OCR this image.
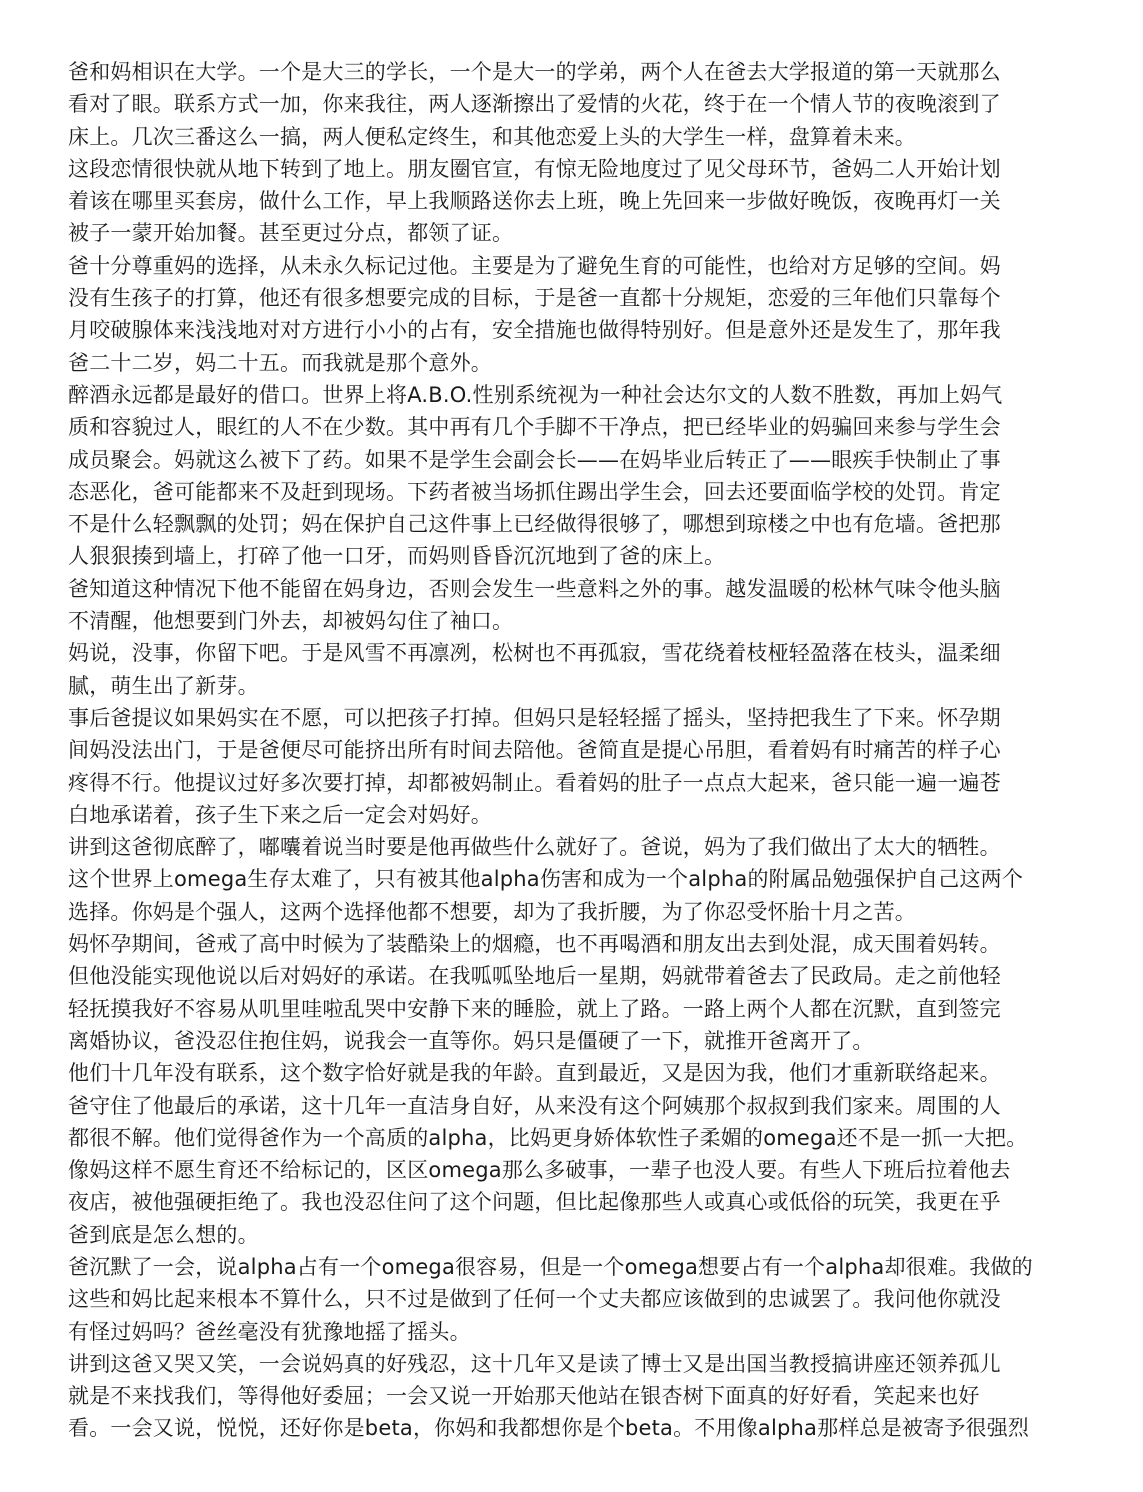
爸和妈相识在大学。一个是大三的学长，一个是大一的学弟，两个人在爸去大学报道的第一天就那么
看对了眼。联系方式一加，你来我往，两人逐渐擦出了爱情的火花，终于在一个情人节的夜晚滚到了
床上。几次三番这么一搞，两人便私定终生，和其他恋爱上头的大学生一样，盘算着未来。
这段恋情很快就从地下转到了地上。朋友圈官宣，有惊无险地度过了见父母环节，爸妈二人开始计划
着该在哪里买套房，做什么工作，早上我顺路送你去上班，晚上先回来一步做好晚饭，夜晚再灯一关
被子一蒙开始加餐。甚至更过分点，都领了证。
爸十分尊重妈的选择，从未永久标记过他。主要是为了避免生育的可能性，也给对方足够的空间。妈
没有生孩子的打算，他还有很多想要完成的目标，于是爸一直都十分规矩，恋爱的三年他们只靠每个
月咬破腺体来浅浅地对对方进行小小的占有，安全措施也做得特别好。但是意外还是发生了，那年我
爸二十二岁，妈二十五。而我就是那个意外。
醉酒永远都是最好的借口。世界上将A.B.O.性别系统视为一种社会达尔文的人数不胜数，再加上妈气
质和容貌过人，眼红的人不在少数。其中再有几个手脚不干净点，把已经毕业的妈骗回来参与学生会
成员聚会。妈就这么被下了药。如果不是学生会副会长——在妈毕业后转正了——眼疾手快制止了事
态恶化，爸可能都来不及赶到现场。下药者被当场抓住踢出学生会，回去还要面临学校的处罚。肯定
不是什么轻飘飘的处罚；妈在保护自己这件事上已经做得很够了，哪想到琼楼之中也有危墙。爸把那
人狠狠揍到墙上，打碎了他一口牙，而妈则昏昏沉沉地到了爸的床上。
爸知道这种情况下他不能留在妈身边，否则会发生一些意料之外的事。越发温暖的松林气味令他头脑
不清醒，他想要到门外去，却被妈勾住了袖口。
妈说，没事，你留下吧。于是风雪不再凛冽，松树也不再孤寂，雪花绕着枝桠轻盈落在枝头，温柔细
腻，萌生出了新芽。
事后爸提议如果妈实在不愿，可以把孩子打掉。但妈只是轻轻摇了摇头，坚持把我生了下来。怀孕期
间妈没法出门，于是爸便尽可能挤出所有时间去陪他。爸简直是提心吊胆，看着妈有时痛苦的样子心
疼得不行。他提议过好多次要打掉，却都被妈制止。看着妈的肚子一点点大起来，爸只能一遍一遍苍
白地承诺着，孩子生下来之后一定会对妈好。
讲到这爸彻底醉了，嘟囔着说当时要是他再做些什么就好了。爸说，妈为了我们做出了太大的牺牲。
这个世界上omega生存太难了，只有被其他alpha伤害和成为一个alpha的附属品勉强保护自己这两个
选择。你妈是个强人，这两个选择他都不想要，却为了我折腰，为了你忍受怀胎十月之苦。
妈怀孕期间，爸戒了高中时候为了装酷染上的烟瘾，也不再喝酒和朋友出去到处混，成天围着妈转。
但他没能实现他说以后对妈好的承诺。在我呱呱坠地后一星期，妈就带着爸去了民政局。走之前他轻
轻抚摸我好不容易从叽里哇啦乱哭中安静下来的睡脸，就上了路。一路上两个人都在沉默，直到签完
离婚协议，爸没忍住抱住妈，说我会一直等你。妈只是僵硬了一下，就推开爸离开了。
他们十几年没有联系，这个数字恰好就是我的年龄。直到最近，又是因为我，他们才重新联络起来。
爸守住了他最后的承诺，这十几年一直洁身自好，从来没有这个阿姨那个叔叔到我们家来。周围的人
都很不解。他们觉得爸作为一个高质的alpha，比妈更身娇体软性子柔媚的omega还不是一抓一大把。
像妈这样不愿生育还不给标记的，区区omega那么多破事，一辈子也没人要。有些人下班后拉着他去
夜店，被他强硬拒绝了。我也没忍住问了这个问题，但比起像那些人或真心或低俗的玩笑，我更在乎
爸到底是怎么想的。
爸沉默了一会，说alpha占有一个omega很容易，但是一个omega想要占有一个alpha却很难。我做的
这些和妈比起来根本不算什么，只不过是做到了任何一个丈夫都应该做到的忠诚罢了。我问他你就没
有怪过妈吗？爸丝毫没有犹豫地摇了摇头。
讲到这爸又哭又笑，一会说妈真的好残忍，这十几年又是读了博士又是出国当教授搞讲座还领养孤儿
就是不来找我们，等得他好委屈；一会又说一开始那天他站在银杏树下面真的好好看，笑起来也好
看。一会又说，悦悦，还好你是beta，你妈和我都想你是个beta。不用像alpha那样总是被寄予很强烈
